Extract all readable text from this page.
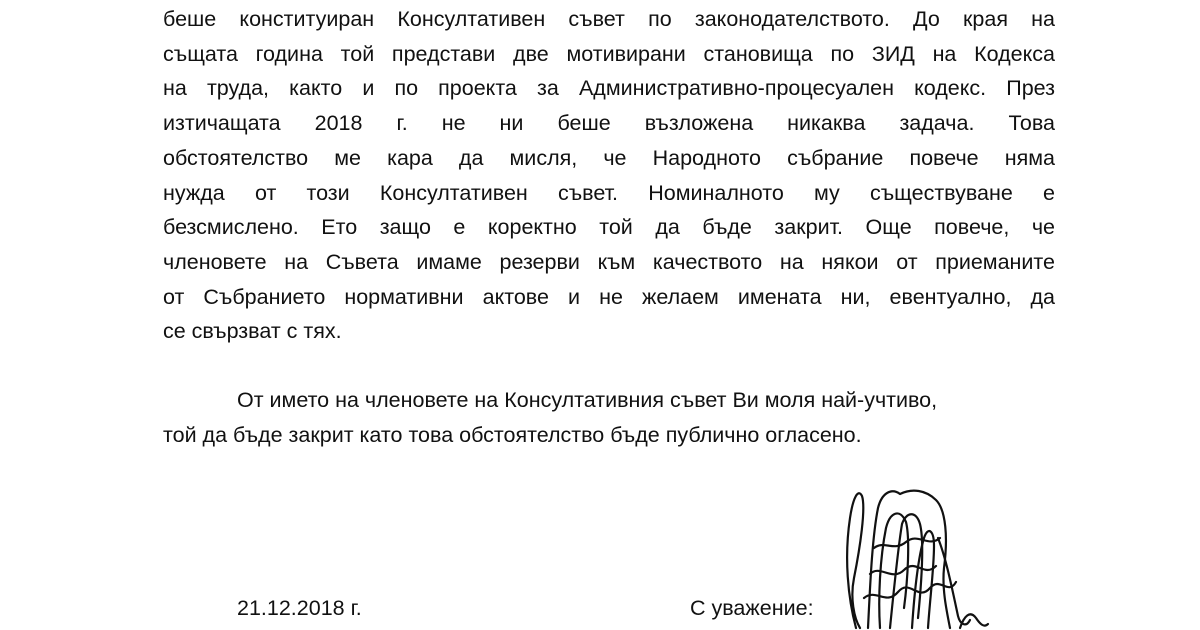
беше конституиран Консултативен съвет по законодателството. До края на
същата година той представи две мотивирани становища по ЗИД на Кодекса
на труда, както и по проекта за Административно-процесуален кодекс. През
изтичащата 2018 г. не ни беше възложена никаква задача. Това
обстоятелство ме кара да мисля, че Народното събрание повече няма
нужда от този Консултативен съвет. Номиналното му съществуване е
безсмислено. Ето защо е коректно той да бъде закрит. Още повече, че
членовете на Съвета имаме резерви към качеството на някои от приеманите
от Събранието нормативни актове и не желаем имената ни, евентуално, да
се свързват с тях.
От името на членовете на Консултативния съвет Ви моля най-учтиво,
той да бъде закрит като това обстоятелство бъде публично огласено.
21.12.2018 г.	С уважение:
